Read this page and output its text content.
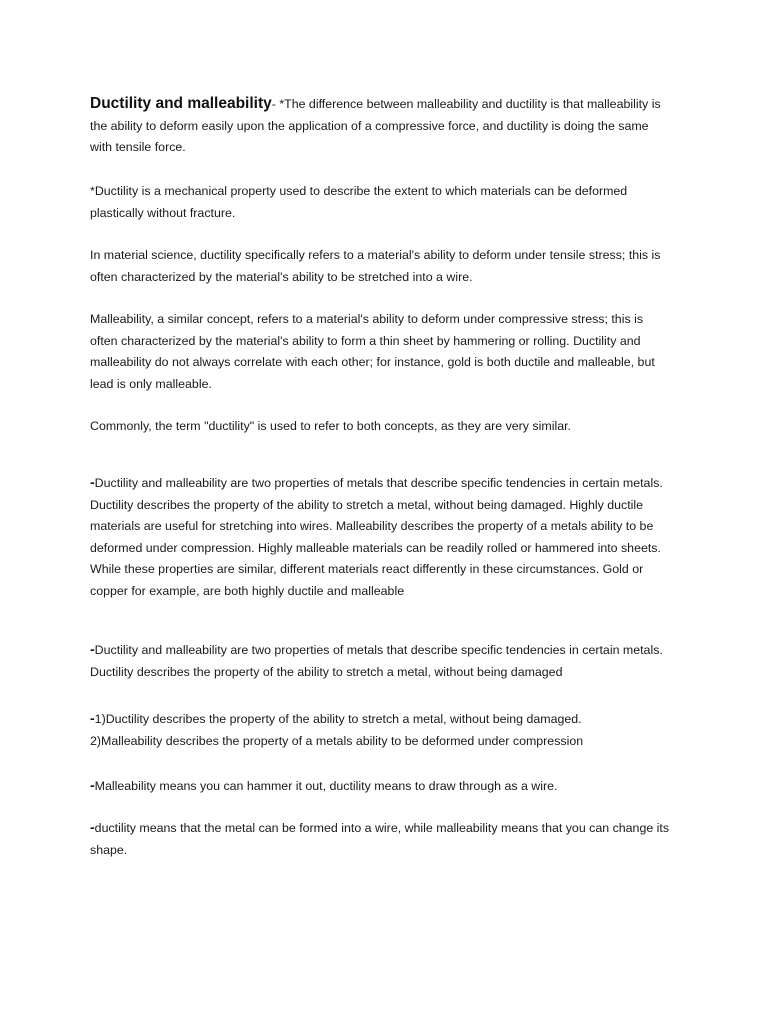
Ductility and malleability- *The difference between malleability and ductility is that malleability is
the ability to deform easily upon the application of a compressive force, and ductility is doing the same
with tensile force.
*Ductility is a mechanical property used to describe the extent to which materials can be deformed
plastically without fracture.
In material science, ductility specifically refers to a material's ability to deform under tensile stress; this is
often characterized by the material's ability to be stretched into a wire.
Malleability, a similar concept, refers to a material's ability to deform under compressive stress; this is
often characterized by the material's ability to form a thin sheet by hammering or rolling. Ductility and
malleability do not always correlate with each other; for instance, gold is both ductile and malleable, but
lead is only malleable.
Commonly, the term "ductility" is used to refer to both concepts, as they are very similar.
-Ductility and malleability are two properties of metals that describe specific tendencies in certain metals.
Ductility describes the property of the ability to stretch a metal, without being damaged. Highly ductile
materials are useful for stretching into wires. Malleability describes the property of a metals ability to be
deformed under compression. Highly malleable materials can be readily rolled or hammered into sheets.
While these properties are similar, different materials react differently in these circumstances. Gold or
copper for example, are both highly ductile and malleable
-Ductility and malleability are two properties of metals that describe specific tendencies in certain metals.
Ductility describes the property of the ability to stretch a metal, without being damaged
-1)Ductility describes the property of the ability to stretch a metal, without being damaged.
2)Malleability describes the property of a metals ability to be deformed under compression
-Malleability means you can hammer it out, ductility means to draw through as a wire.
-ductility means that the metal can be formed into a wire, while malleability means that you can change its
shape.
